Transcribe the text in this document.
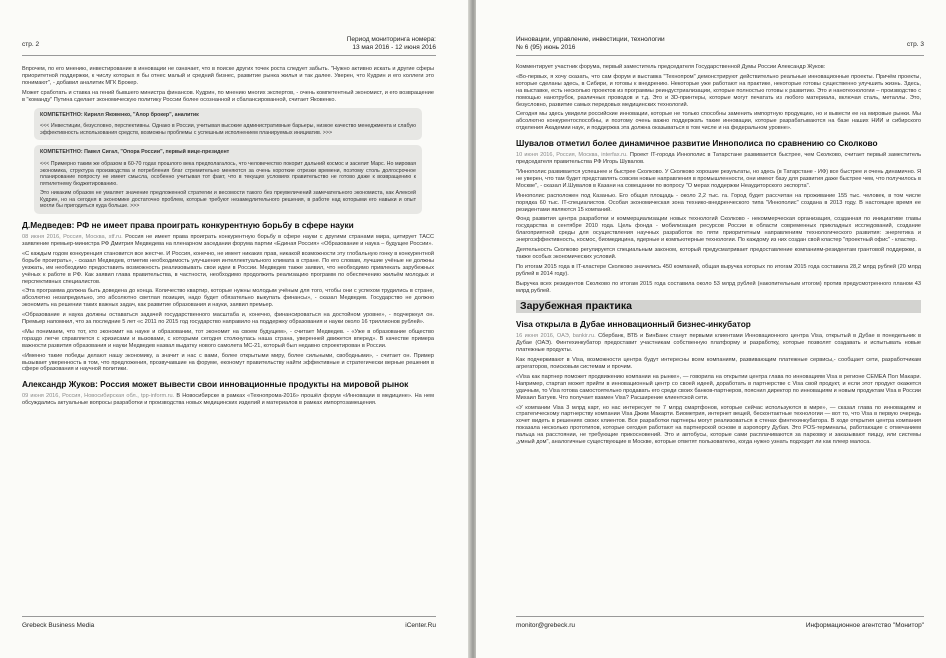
стр. 2
Период мониторинга номера:
13 мая 2016 - 12 июня 2016

Впрочем, по его мнению, инвестирование в инновации не означает, что в поиске других точек роста следует забыть. "Нужно активно искать и другие сферы приоритетной поддержки, к числу которых я бы отнес малый и средний бизнес, развитие рынка жилья и так далее. Уверен, что Кудрин и его коллеги это понимают", - добавил аналитик МГК Брокер.

Может сработать и ставка на гений бывшего министра финансов. Кудрин, по мнению многих экспертов, - очень компетентный экономист, и его возвращение в "команду" Путина сделает экономическую политику России более осознанной и сбалансированной, считает Яковенко.

КОМПЕТЕНТНО: Кирилл Яковенко, "Алор брокер", аналитик
<<< Инвестиции, безусловно, перспективны. Однако в России, учитывая высокие административные барьеры, низкое качество менеджмента и слабую эффективность использования средств, возможны проблемы с успешным исполнением планируемых инициатив. >>>
КОМПЕТЕНТНО: Павел Сигал, "Опора России", первый вице-президент
<<< Примерно таким же образом в 60-70 годах прошлого века предполагалось, что человечество покорит дальний космос и заселит Марс. Но мировая экономика, структура производства и потребления благ стремительно меняются за очень короткие отрезки времени, поэтому столь долгосрочное планирование попросту не имеет смысла, особенно учитывая тот факт, что в текущих условиях правительство не готово даже к возвращению к пятилетнему бюджетированию.
Это никаким образом не умаляет значение предложенной стратегии и весомости такого без преувеличений замечательного экономиста, как Алексей Кудрин, но на сегодня в экономике достаточно проблем, которые требуют незамедлительного решения, в работе над которыми его навыки и опыт могли бы пригодиться куда больше. >>>
Д.Медведев: РФ не имеет права проиграть конкурентную борьбу в сфере науки

08 июня 2016, Россия, Москва, stf.ru. Россия не имеет права проиграть конкурентную борьбу в сфере науки с другими странами мира, цитирует ТАСС заявление премьер-министра РФ Дмитрия Медведева на пленарном заседании форума партии «Единая Россия» «Образование и наука – будущее России».

«С каждым годом конкуренция становится все жестче. И Россия, конечно, не имеет никаких прав, никакой возможности эту глобальную гонку в конкурентной борьбе проиграть», - сказал Медведев, отметив необходимость улучшения интеллектуального климата в стране. По его словам, лучшие учёные не должны уезжать, им необходимо предоставить возможность реализовывать свои идеи в России. Медведев также заявил, что необходимо привлекать зарубежных учёных к работе в РФ. Как заявил глава правительства, в частности, необходимо продолжить реализацию программ по обеспечению жильём молодых и перспективных специалистов.

«Эта программа должна быть доведена до конца. Количество квартир, которые нужны молодым учёным для того, чтобы они с успехом трудились в стране, абсолютно незапредельно, это абсолютно светлая позиция, надо будет обязательно выкупать финансы», - сказал Медведев. Государство не должно экономить на решении таких важных задач, как развитие образования и науки, заявил премьер.

«Образование и наука должны оставаться задачей государственного масштаба и, конечно, финансироваться на достойном уровне», - подчеркнул он. Премьер напомнил, что за последние 5 лет «с 2011 по 2015 год государство направило на поддержку образования и науки около 16 триллионов рублей».

«Мы понимаем, что тот, кто экономит на науке и образовании, тот экономит на своем будущем», - считает Медведев. - «Уже в образование общество гораздо легче справляется с кризисами и вызовами, с которыми сегодня столкнулась наша страна, уверенней движется вперед». В качестве примера важности развития образования и науки Медведев назвал выдатку нового самолета МС-21, который был недавно спроектирован в России.

«Именно такие победы делают нашу экономику, а значит и нас с вами, более открытыми миру, более сильными, свободными», - считает он. Пример вызывает уверенность в том, что предложения, прозвучавшие на форуме, економут правительству найти эффективные и стратегически верные решения в сфере образования и научной политики.

Александр Жуков: Россия может вывести свои инновационные продукты на мировой рынок

09 июня 2016, Россия, Новосибирская обл., tpp-inform.ru. В Новосибирске в рамках «Технопрома-2016» прошёл форум «Инновации в медицине». На нем обсуждались актуальные вопросы разработки и производства новых медицинских изделий и материалов в рамках импортозамещения.

Grebeck Business Media	iCenter.Ru
Инновации, управление, инвестиции, технологии
№ 6 (95) июнь 2016	стр. 3

Комментирует участник форума, первый заместитель председателя Государственной Думы России Александр Жуков:

«Во-первых, я хочу сказать, что сам форум и выставка "Технопром" демонстрируют действительно реальные инновационные проекты. Причём проекты, которые сделаны здесь, в Сибири, и готовы к внедрению. Некоторые уже работают на практике, некоторые готовы существенно улучшить жизнь. Здесь, на выставке, есть несколько проектов из программы реиндустриализации, которые полностью готовы к развитию. Это и нанотехнологии – производство с помощью нанотрубок, различных проводов и т.д. Это и 3D-принтеры, которые могут печатать из любого материала, включая сталь, металлы. Это, безусловно, развитие самых передовых медицинских технологий.

Сегодня мы здесь увидели российские инновации, которые не только способны заменить импортную продукцию, но и вывести ее на мировые рынки. Мы абсолютно конкурентоспособны, и поэтому очень важно поддержать такие инновации, которые разрабатываются на базе наших НИИ и сибирского отделения Академии наук, и поддержка эта должна оказываться в том числе и на федеральном уровне».

Шувалов отметил более динамичное развитие Иннополиса по сравнению со Сколково

10 июня 2016, Россия, Москва, interfax.ru. Проект IT-города Иннополис в Татарстане развивается быстрее, чем Сколково, считает первый заместитель председателя правительства РФ Игорь Шувалов.

"Иннополис развивается успешнее и быстрее Сколково. У Сколково хорошие результаты, но здесь (в Татарстане - ИФ) все быстрее и очень динамично. Я не уверен, что там будет представлять совсем новые направления в промышленности, они имеют базу для развития даже быстрее чем, что получилось в Москве", - сказал И.Шувалов в Казани на совещании по вопросу "О мерах поддержки Неаудиторского экспорта".

Иннополис расположен под Казанью. Его общая площадь - около 2,2 тыс. га. Город будет рассчитан на проживание 155 тыс. человек, в том числе порядка 60 тыс. IT-специалистов. Особая экономическая зона технико-внедренческого типа "Иннополис" создана в 2013 году. В настоящее время ее резидентами являются 15 компаний.

Фонд развития центра разработки и коммерциализации новых технологий Сколково - некоммерческая организация, созданная по инициативе главы государства в сентябре 2010 года. Цель фонда - мобилизация ресурсов России в области современных прикладных исследований, создание благоприятной среды для осуществления научных разработок по пяти приоритетным направлениям технологического развития: энергетика и энергоэффективность, космос, биомедицина, ядерные и компьютерные технологии. По каждому из них создан свой кластер "проектный офис" - кластер.

Деятельность Сколково регулируется специальным законом, который предусматривает предоставление компаниям-резидентам грантовой поддержки, а также особых экономических условий.

По итогам 2015 года в IT-кластере Сколково значились 450 компаний, общая выручка которых по итогам 2015 года составила 28,2 млрд рублей (20 млрд рублей в 2014 году).

Выручка всех резидентов Сколково по итогам 2015 года составила около 53 млрд рублей (накопительным итогом) против предусмотренного планом 43 млрд рублей.

Зарубежная практика
Visa открыла в Дубае инновационный бизнес-инкубатор

16 июня 2016, ОАЭ, bankir.ru. Сбербанк, ВТБ и БинБанк станут первыми клиентами Инновационного центра Visa, открытый в Дубае в понедельник в Дубае (ОАЭ). Финтехинкубатор предоставит участникам собственную платформу и разработку, которые позволят создавать и испытывать новые платежные продукты.

Как подчеркивают в Visa, возможности центра будут интересны всем компаниям, развивающим платежные сервисы,- сообщает сети, разработчикам агрегаторов, поисковым системам и прочим.

«Visa как партнер поможет продвижению компании на рынке», — говорила на открытии центра глава по инновациям Visa в регионе CEMEA Пол Макари. Например, стартап может прийти в инновационный центр со своей идеей, доработать в партнерстве с Visa свой продукт, и если этот продукт окажется удачным, то Visa готова самостоятельно продавать его среди своих банков-партнеров, пояснил директор по инновациям и новым продуктам Visa в России Михаил Батуев. Что получает взамен Visa? Расширение клиентской сети.

«У компании Visa 3 млрд карт, но нас интересует те 7 млрд смартфонов, которые сейчас используются в мире», — сказал глава по инновациям и стратегическому партнерству компании Visa Джим Макарти. Биометрия, интернет вещей, бесконтактные технологии — вот то, что Visa в первую очередь хочет видеть в решениях своих клиентов. Все разработки партнеры могут реализоваться в стенах финтехинкубатора. В ходе открытия центра компания показала несколько прототипов, которые сегодня работают на партнерской основе в аэропорту Дубая. Это POS-терминалы, работающие с отмечанием пальца на расстоянии, не требующие прикосновений. Это и автобусы, которые сами расплачиваются за парковку и заказывают пиццу, или системы „умный дом", аналогичные существующие в Москве, которые ответят пользователю, когда нужно узнать подходит ли как плеер малоса.

monitor@grebeck.ru	Информационное агентство "Монитор"
